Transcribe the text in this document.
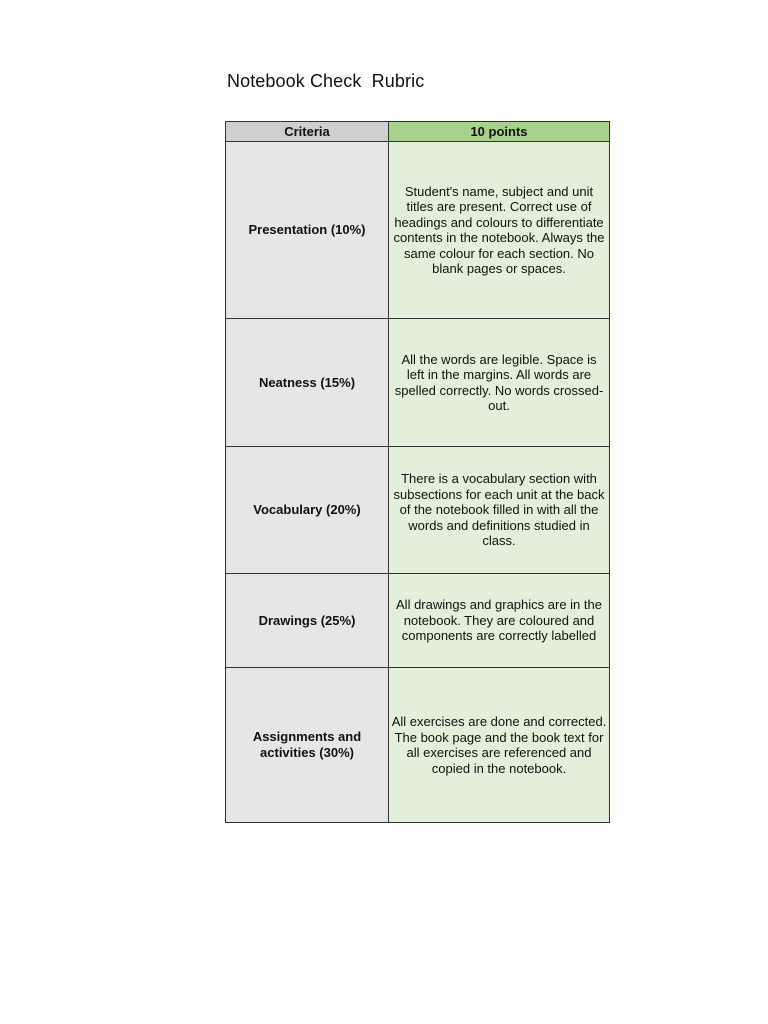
Notebook Check  Rubric
Criteria	10 points
Presentation (10%)	Student's name, subject and unit titles are present. Correct use of headings and colours to differentiate contents in the notebook. Always the same colour for each section. No blank pages or spaces.
Neatness (15%)	All the words are legible. Space is left in the margins. All words are spelled correctly. No words crossed- out.
Vocabulary (20%)	There is a vocabulary section with subsections for each unit at the back of the notebook filled in with all the words and definitions studied in class.
Drawings (25%)	All drawings and graphics are in the notebook. They are coloured and components are correctly labelled
Assignments and activities (30%)	All exercises are done and corrected. The book page and the book text for all exercises are referenced and copied in the notebook.
